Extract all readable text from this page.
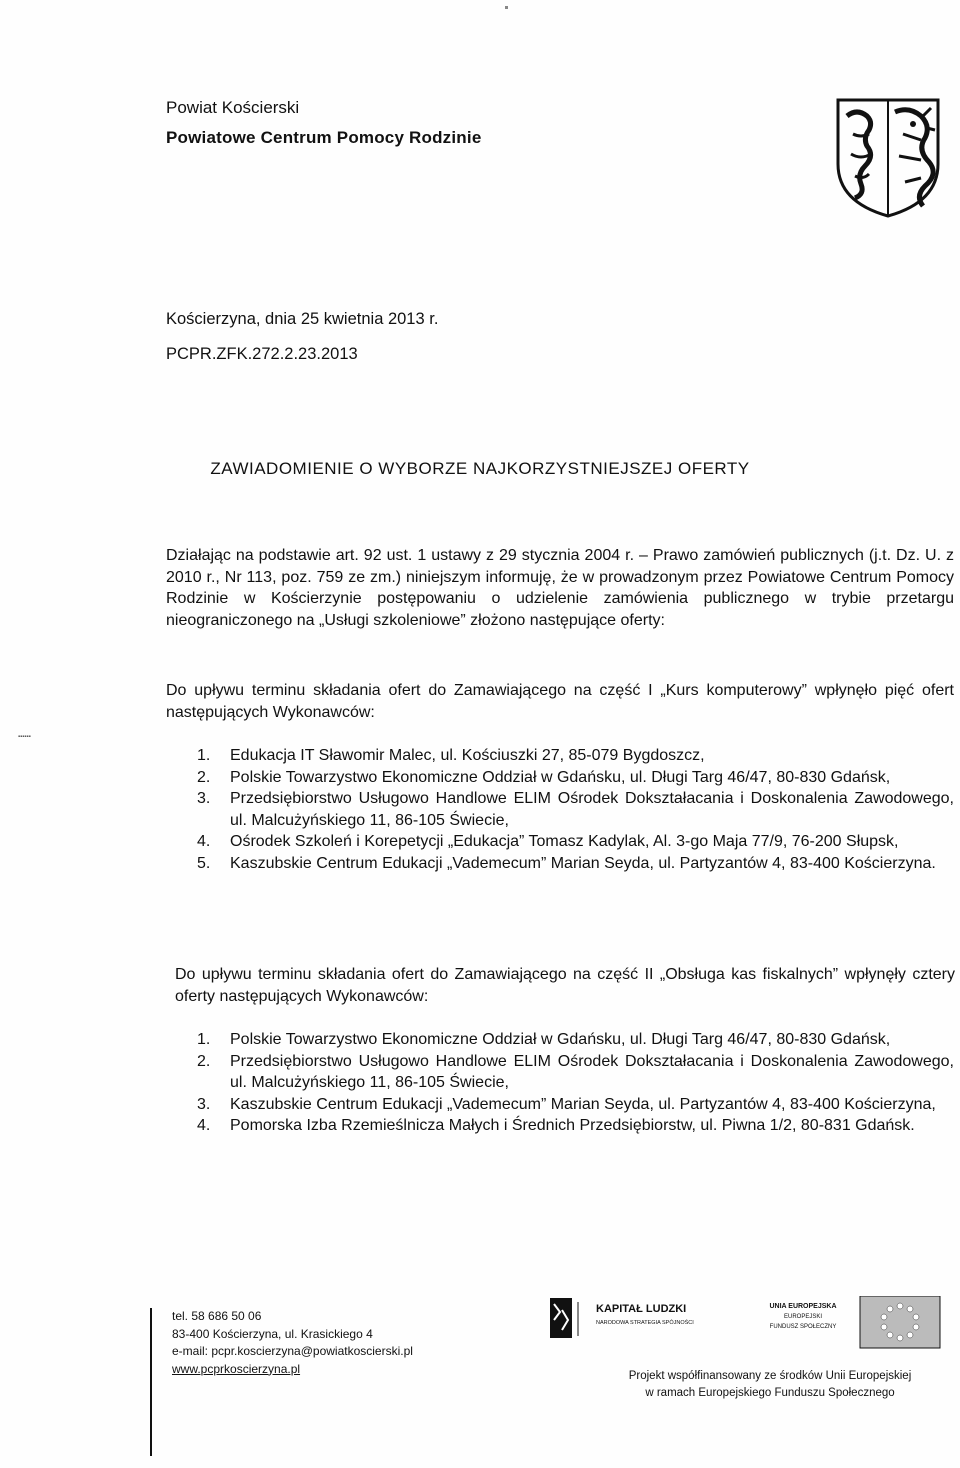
Powiat Kościerski
Powiatowe Centrum Pomocy Rodzinie
Kościerzyna, dnia 25 kwietnia 2013 r.
PCPR.ZFK.272.2.23.2013
ZAWIADOMIENIE O WYBORZE NAJKORZYSTNIEJSZEJ OFERTY
Działając na podstawie art. 92 ust. 1 ustawy z 29 stycznia 2004 r. – Prawo zamówień publicznych (j.t. Dz. U. z 2010 r., Nr 113, poz. 759 ze zm.) niniejszym informuję, że w prowadzonym przez Powiatowe Centrum Pomocy Rodzinie w Kościerzynie postępowaniu o udzielenie zamówienia publicznego w trybie przetargu nieograniczonego na „Usługi szkoleniowe” złożono następujące oferty:
Do upływu terminu składania ofert do Zamawiającego na część I „Kurs komputerowy” wpłynęło pięć ofert następujących Wykonawców:
▪▪▪▪▪▪
1. Edukacja IT Sławomir Malec, ul. Kościuszki 27, 85-079 Bygdoszcz,
2. Polskie Towarzystwo Ekonomiczne Oddział w Gdańsku, ul. Długi Targ 46/47, 80-830 Gdańsk,
3. Przedsiębiorstwo Usługowo Handlowe ELIM Ośrodek Dokształacania i Doskonalenia Zawodowego, ul. Malcużyńskiego 11, 86-105 Świecie,
4. Ośrodek Szkoleń i Korepetycji „Edukacja” Tomasz Kadylak, Al. 3-go Maja 77/9, 76-200 Słupsk,
5. Kaszubskie Centrum Edukacji „Vademecum” Marian Seyda, ul. Partyzantów 4, 83-400 Kościerzyna.
Do upływu terminu składania ofert do Zamawiającego na część II „Obsługa kas fiskalnych” wpłynęły cztery oferty następujących Wykonawców:
1. Polskie Towarzystwo Ekonomiczne Oddział w Gdańsku, ul. Długi Targ 46/47, 80-830 Gdańsk,
2. Przedsiębiorstwo Usługowo Handlowe ELIM Ośrodek Dokształacania i Doskonalenia Zawodowego, ul. Malcużyńskiego 11, 86-105 Świecie,
3. Kaszubskie Centrum Edukacji „Vademecum” Marian Seyda, ul. Partyzantów 4, 83-400 Kościerzyna,
4. Pomorska Izba Rzemieślnicza Małych i Średnich Przedsiębiorstw, ul. Piwna 1/2, 80-831 Gdańsk.
tel. 58 686 50 06
83-400 Kościerzyna, ul. Krasickiego 4
e-mail: pcpr.koscierzyna@powiatkoscierski.pl
www.pcprkoscierzyna.pl
KAPITAŁ LUDZKI
NARODOWA STRATEGIA SPÓJNOŚCI
UNIA EUROPEJSKA
EUROPEJSKI
FUNDUSZ SPOŁECZNY
Projekt współfinansowany ze środków Unii Europejskiej
w ramach Europejskiego Funduszu Społecznego
